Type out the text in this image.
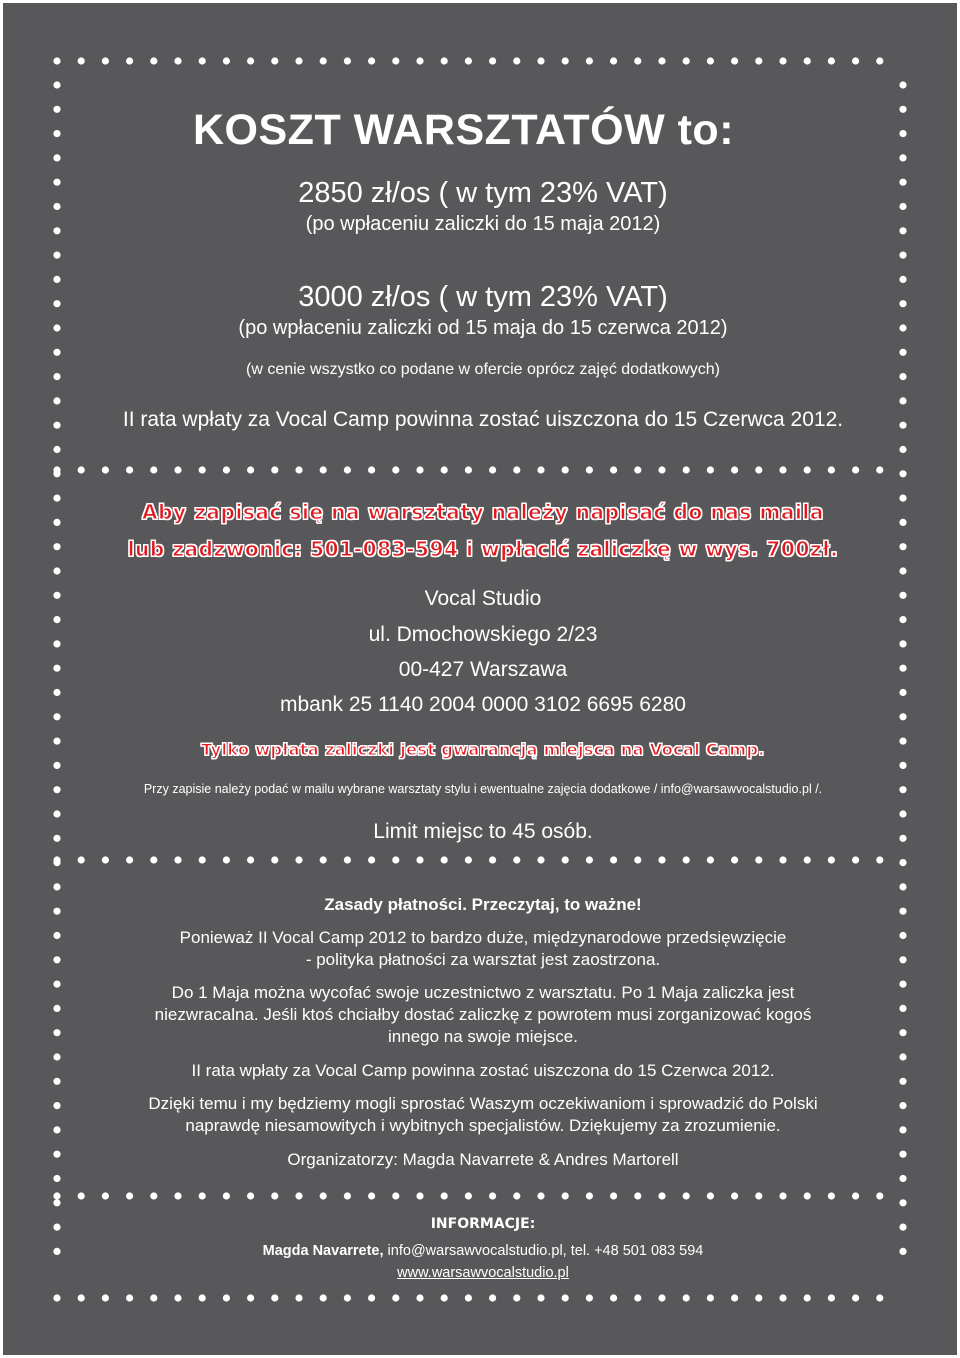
KOSZT WARSZTATÓW to:
2850 zł/os ( w tym 23% VAT)
(po wpłaceniu zaliczki do 15 maja 2012)
3000 zł/os ( w tym 23% VAT)
(po wpłaceniu zaliczki od 15 maja do 15 czerwca 2012)
(w cenie wszystko co podane w ofercie oprócz zajęć dodatkowych)
II rata wpłaty za Vocal Camp powinna zostać uiszczona do 15 Czerwca 2012.
Aby zapisać się na warsztaty należy napisać do nas maila
lub zadzwonic: 501-083-594 i wpłacić zaliczkę w wys. 700zł.
Vocal Studio
ul. Dmochowskiego 2/23
00-427 Warszawa
mbank 25 1140 2004 0000 3102 6695 6280
Tylko wpłata zaliczki jest gwarancją miejsca na Vocal Camp.
Przy zapisie należy podać w mailu wybrane warsztaty stylu i ewentualne zajęcia dodatkowe / info@warsawvocalstudio.pl /.
Limit miejsc to 45 osób.
Zasady płatności. Przeczytaj, to ważne!
Ponieważ II Vocal Camp 2012 to bardzo duże, międzynarodowe przedsięwzięcie
- polityka płatności za warsztat jest zaostrzona.
Do 1 Maja można wycofać swoje uczestnictwo z warsztatu. Po 1 Maja zaliczka jest
niezwracalna. Jeśli ktoś chciałby dostać zaliczkę z powrotem musi zorganizować kogoś
innego na swoje miejsce.
II rata wpłaty za Vocal Camp powinna zostać uiszczona do 15 Czerwca 2012.
Dzięki temu i my będziemy mogli sprostać Waszym oczekiwaniom i sprowadzić do Polski
naprawdę niesamowitych i wybitnych specjalistów. Dziękujemy za zrozumienie.
Organizatorzy: Magda Navarrete & Andres Martorell
INFORMACJE:
Magda Navarrete, info@warsawvocalstudio.pl, tel. +48 501 083 594
www.warsawvocalstudio.pl
